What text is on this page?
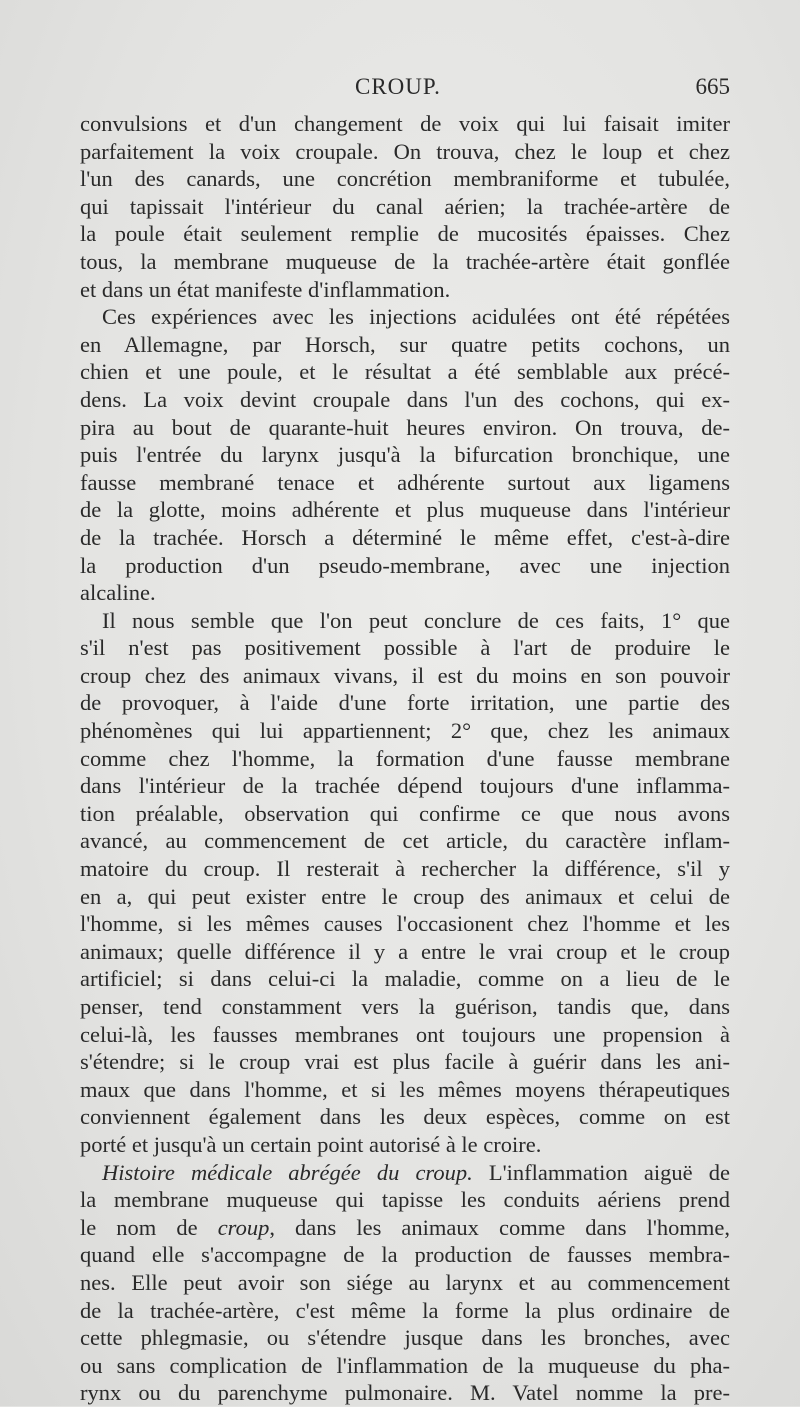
CROUP.	665
convulsions et d'un changement de voix qui lui faisait imiter
parfaitement la voix croupale. On trouva, chez le loup et chez
l'un des canards, une concrétion membraniforme et tubulée,
qui tapissait l'intérieur du canal aérien; la trachée-artère de
la poule était seulement remplie de mucosités épaisses. Chez
tous, la membrane muqueuse de la trachée-artère était gonflée
et dans un état manifeste d'inflammation.
Ces expériences avec les injections acidulées ont été répétées
en Allemagne, par Horsch, sur quatre petits cochons, un
chien et une poule, et le résultat a été semblable aux précé-
dens. La voix devint croupale dans l'un des cochons, qui ex-
pira au bout de quarante-huit heures environ. On trouva, de-
puis l'entrée du larynx jusqu'à la bifurcation bronchique, une
fausse membrané tenace et adhérente surtout aux ligamens
de la glotte, moins adhérente et plus muqueuse dans l'intérieur
de la trachée. Horsch a déterminé le même effet, c'est-à-dire
la production d'un pseudo-membrane, avec une injection
alcaline.
Il nous semble que l'on peut conclure de ces faits, 1° que
s'il n'est pas positivement possible à l'art de produire le
croup chez des animaux vivans, il est du moins en son pouvoir
de provoquer, à l'aide d'une forte irritation, une partie des
phénomènes qui lui appartiennent; 2° que, chez les animaux
comme chez l'homme, la formation d'une fausse membrane
dans l'intérieur de la trachée dépend toujours d'une inflamma-
tion préalable, observation qui confirme ce que nous avons
avancé, au commencement de cet article, du caractère inflam-
matoire du croup. Il resterait à rechercher la différence, s'il y
en a, qui peut exister entre le croup des animaux et celui de
l'homme, si les mêmes causes l'occasionent chez l'homme et les
animaux; quelle différence il y a entre le vrai croup et le croup
artificiel; si dans celui-ci la maladie, comme on a lieu de le
penser, tend constamment vers la guérison, tandis que, dans
celui-là, les fausses membranes ont toujours une propension à
s'étendre; si le croup vrai est plus facile à guérir dans les ani-
maux que dans l'homme, et si les mêmes moyens thérapeutiques
conviennent également dans les deux espèces, comme on est
porté et jusqu'à un certain point autorisé à le croire.
Histoire médicale abrégée du croup. L'inflammation aiguë de
la membrane muqueuse qui tapisse les conduits aériens prend
le nom de croup, dans les animaux comme dans l'homme,
quand elle s'accompagne de la production de fausses membra-
nes. Elle peut avoir son siége au larynx et au commencement
de la trachée-artère, c'est même la forme la plus ordinaire de
cette phlegmasie, ou s'étendre jusque dans les bronches, avec
ou sans complication de l'inflammation de la muqueuse du pha-
rynx ou du parenchyme pulmonaire. M. Vatel nomme la pre-
